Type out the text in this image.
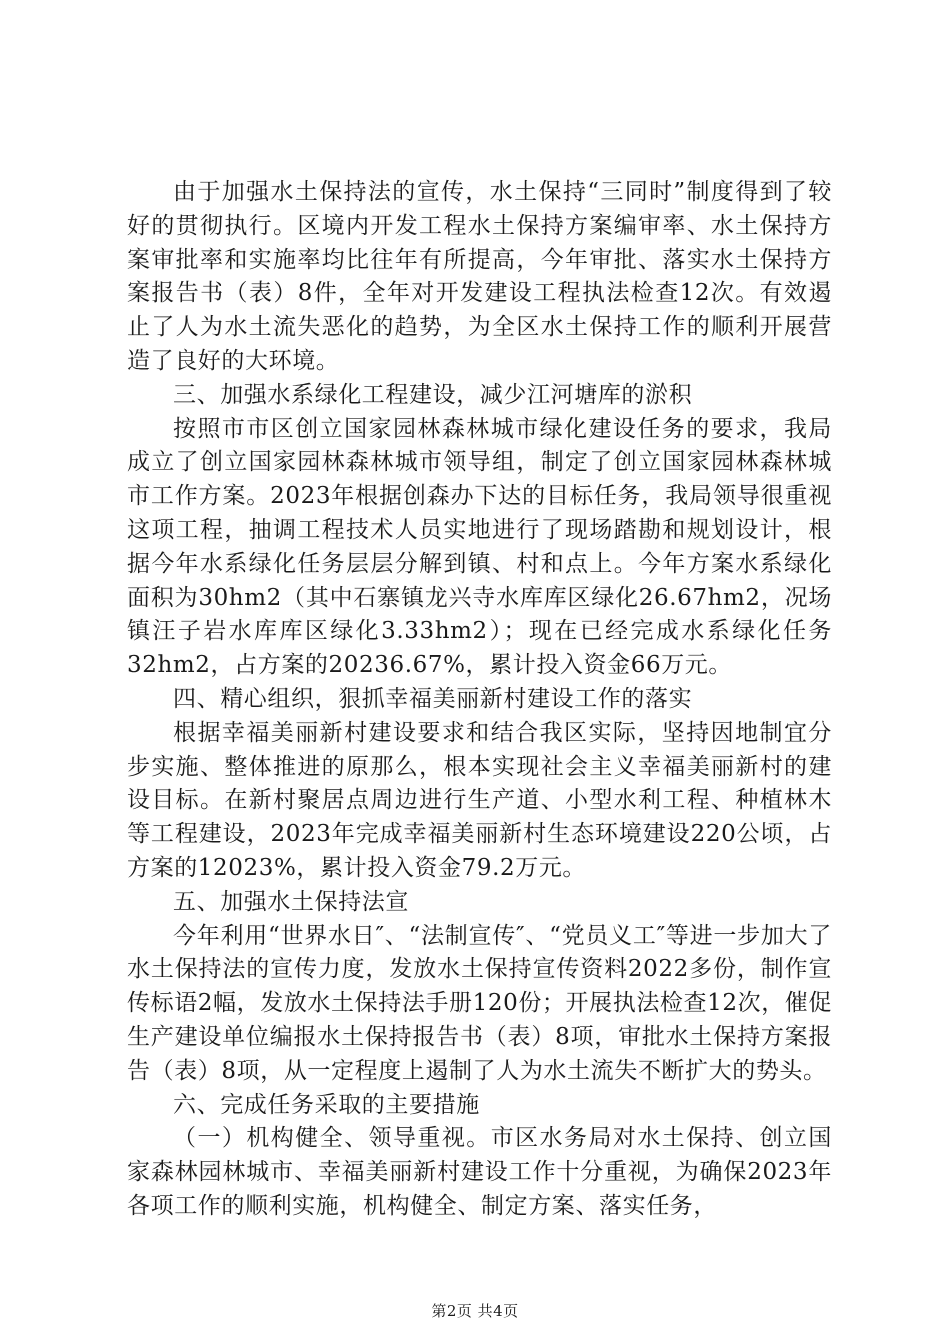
由于加强水土保持法的宣传，水土保持“三同时”制度得到了较好的贯彻执行。区境内开发工程水土保持方案编审率、水土保持方案审批率和实施率均比往年有所提高，今年审批、落实水土保持方案报告书（表）8件，全年对开发建设工程执法检查12次。有效遏止了人为水土流失恶化的趋势，为全区水土保持工作的顺利开展营造了良好的大环境。

三、加强水系绿化工程建设，减少江河塘库的淤积

按照市市区创立国家园林森林城市绿化建设任务的要求，我局成立了创立国家园林森林城市领导组，制定了创立国家园林森林城市工作方案。2023年根据创森办下达的目标任务，我局领导很重视这项工程，抽调工程技术人员实地进行了现场踏勘和规划设计，根据今年水系绿化任务层层分解到镇、村和点上。今年方案水系绿化面积为30hm2（其中石寨镇龙兴寺水库库区绿化26.67hm2，况场镇汪子岩水库库区绿化3.33hm2）；现在已经完成水系绿化任务32hm2，占方案的20236.67%，累计投入资金66万元。

四、精心组织，狠抓幸福美丽新村建设工作的落实

根据幸福美丽新村建设要求和结合我区实际，坚持因地制宜分步实施、整体推进的原那么，根本实现社会主义幸福美丽新村的建设目标。在新村聚居点周边进行生产道、小型水利工程、种植林木等工程建设，2023年完成幸福美丽新村生态环境建设220公顷，占方案的12023%，累计投入资金79.2万元。

五、加强水土保持法宣

今年利用“世界水日″、“法制宣传″、“党员义工″等进一步加大了水土保持法的宣传力度，发放水土保持宣传资料2022多份，制作宣传标语2幅，发放水土保持法手册120份；开展执法检查12次，催促生产建设单位编报水土保持报告书（表）8项，审批水土保持方案报告（表）8项，从一定程度上遏制了人为水土流失不断扩大的势头。

六、完成任务采取的主要措施

（一）机构健全、领导重视。市区水务局对水土保持、创立国家森林园林城市、幸福美丽新村建设工作十分重视，为确保2023年各项工作的顺利实施，机构健全、制定方案、落实任务，

第2页 共4页
